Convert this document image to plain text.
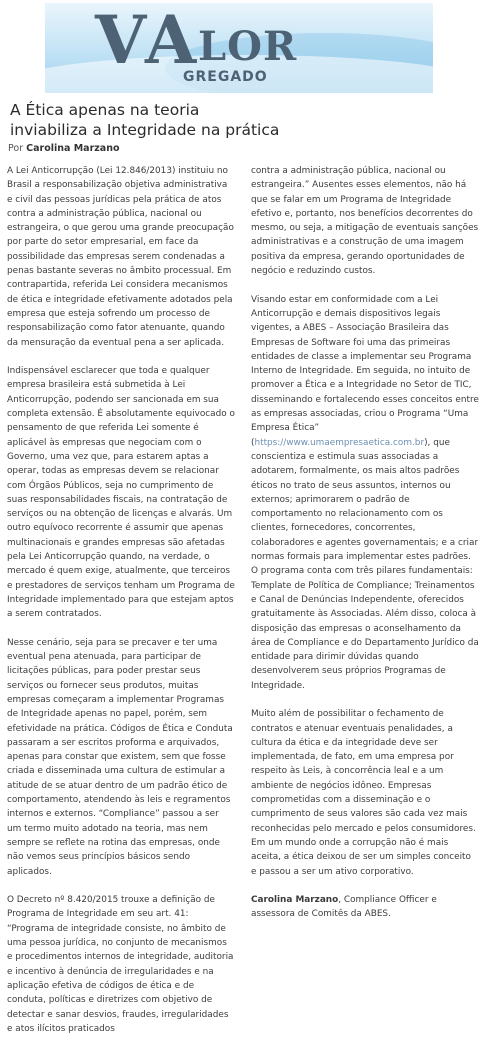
V A LOR
GREGADO
A Ética apenas na teoria
inviabiliza a Integridade na prática
Por Carolina Marzano

A Lei Anticorrupção (Lei 12.846/2013) instituiu no Brasil a responsabilização objetiva administrativa e civil das pessoas jurídicas pela prática de atos contra a administração pública, nacional ou estrangeira, o que gerou uma grande preocupação por parte do setor empresarial, em face da possibilidade das empresas serem condenadas a penas bastante severas no âmbito processual. Em contrapartida, referida Lei considera mecanismos de ética e integridade efetivamente adotados pela empresa que esteja sofrendo um processo de responsabilização como fator atenuante, quando da mensuração da eventual pena a ser aplicada.

Indispensável esclarecer que toda e qualquer empresa brasileira está submetida à Lei Anticorrupção, podendo ser sancionada em sua completa extensão. É absolutamente equivocado o pensamento de que referida Lei somente é aplicável às empresas que negociam com o Governo, uma vez que, para estarem aptas a operar, todas as empresas devem se relacionar com Órgãos Públicos, seja no cumprimento de suas responsabilidades fiscais, na contratação de serviços ou na obtenção de licenças e alvarás. Um outro equívoco recorrente é assumir que apenas multinacionais e grandes empresas são afetadas pela Lei Anticorrupção quando, na verdade, o mercado é quem exige, atualmente, que terceiros e prestadores de serviços tenham um Programa de Integridade implementado para que estejam aptos a serem contratados.

Nesse cenário, seja para se precaver e ter uma eventual pena atenuada, para participar de licitações públicas, para poder prestar seus serviços ou fornecer seus produtos, muitas empresas começaram a implementar Programas de Integridade apenas no papel, porém, sem efetividade na prática. Códigos de Ética e Conduta passaram a ser escritos proforma e arquivados, apenas para constar que existem, sem que fosse criada e disseminada uma cultura de estimular a atitude de se atuar dentro de um padrão ético de comportamento, atendendo às leis e regramentos internos e externos. “Compliance” passou a ser um termo muito adotado na teoria, mas nem sempre se reflete na rotina das empresas, onde não vemos seus princípios básicos sendo aplicados.

O Decreto nº 8.420/2015 trouxe a definição de Programa de Integridade em seu art. 41: “Programa de integridade consiste, no âmbito de uma pessoa jurídica, no conjunto de mecanismos e procedimentos internos de integridade, auditoria e incentivo à denúncia de irregularidades e na aplicação efetiva de códigos de ética e de conduta, políticas e diretrizes com objetivo de detectar e sanar desvios, fraudes, irregularidades e atos ilícitos praticados

contra a administração pública, nacional ou estrangeira.” Ausentes esses elementos, não há que se falar em um Programa de Integridade efetivo e, portanto, nos benefícios decorrentes do mesmo, ou seja, a mitigação de eventuais sanções administrativas e a construção de uma imagem positiva da empresa, gerando oportunidades de negócio e reduzindo custos.

Visando estar em conformidade com a Lei Anticorrupção e demais dispositivos legais vigentes, a ABES – Associação Brasileira das Empresas de Software foi uma das primeiras entidades de classe a implementar seu Programa Interno de Integridade. Em seguida, no intuito de promover a Ética e a Integridade no Setor de TIC, disseminando e fortalecendo esses conceitos entre as empresas associadas, criou o Programa “Uma Empresa Ética” (https://www.umaempresaetica.com.br), que conscientiza e estimula suas associadas a adotarem, formalmente, os mais altos padrões éticos no trato de seus assuntos, internos ou externos; aprimorarem o padrão de comportamento no relacionamento com os clientes, fornecedores, concorrentes, colaboradores e agentes governamentais; e a criar normas formais para implementar estes padrões. O programa conta com três pilares fundamentais: Template de Política de Compliance; Treinamentos e Canal de Denúncias Independente, oferecidos gratuitamente às Associadas. Além disso, coloca à disposição das empresas o aconselhamento da área de Compliance e do Departamento Jurídico da entidade para dirimir dúvidas quando desenvolverem seus próprios Programas de Integridade.

Muito além de possibilitar o fechamento de contratos e atenuar eventuais penalidades, a cultura da ética e da integridade deve ser implementada, de fato, em uma empresa por respeito às Leis, à concorrência leal e a um ambiente de negócios idôneo. Empresas comprometidas com a disseminação e o cumprimento de seus valores são cada vez mais reconhecidas pelo mercado e pelos consumidores. Em um mundo onde a corrupção não é mais aceita, a ética deixou de ser um simples conceito e passou a ser um ativo corporativo.

Carolina Marzano, Compliance Officer e assessora de Comitês da ABES.
